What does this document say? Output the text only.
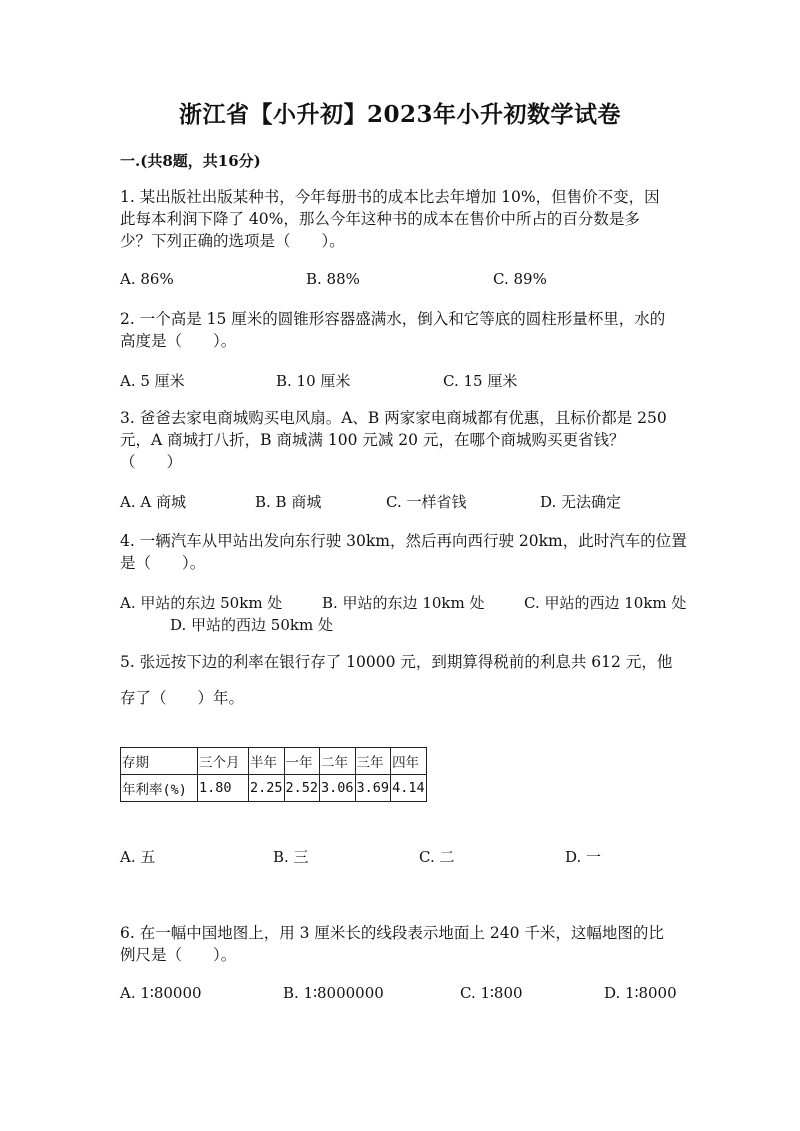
浙江省【小升初】2023年小升初数学试卷
一.(共8题，共16分)
1. 某出版社出版某种书，今年每册书的成本比去年增加 10%，但售价不变，因
此每本利润下降了 40%，那么今年这种书的成本在售价中所占的百分数是多
少？下列正确的选项是（　　）。
A. 86%	B. 88%	C. 89%
2. 一个高是 15 厘米的圆锥形容器盛满水，倒入和它等底的圆柱形量杯里，水的
高度是（　　）。
A. 5 厘米	B. 10 厘米	C. 15 厘米
3. 爸爸去家电商城购买电风扇。A、B 两家家电商城都有优惠，且标价都是 250
元，A 商城打八折，B 商城满 100 元减 20 元，在哪个商城购买更省钱？
（　　）
A. A 商城	B. B 商城	C. 一样省钱	D. 无法确定
4. 一辆汽车从甲站出发向东行驶 30km，然后再向西行驶 20km，此时汽车的位置
是（　　）。
A. 甲站的东边 50km 处	B. 甲站的东边 10km 处	C. 甲站的西边 10km 处
D. 甲站的西边 50km 处
5. 张远按下边的利率在银行存了 10000 元，到期算得税前的利息共 612 元，他
存了（　　）年。
存期	三个月	半年	一年	二年	三年	四年
年利率(%)	1.80	2.25	2.52	3.06	3.69	4.14
A. 五	B. 三	C. 二	D. 一
6. 在一幅中国地图上，用 3 厘米长的线段表示地面上 240 千米，这幅地图的比
例尺是（　　）。
A. 1∶80000	B. 1∶8000000	C. 1∶800	D. 1∶8000
